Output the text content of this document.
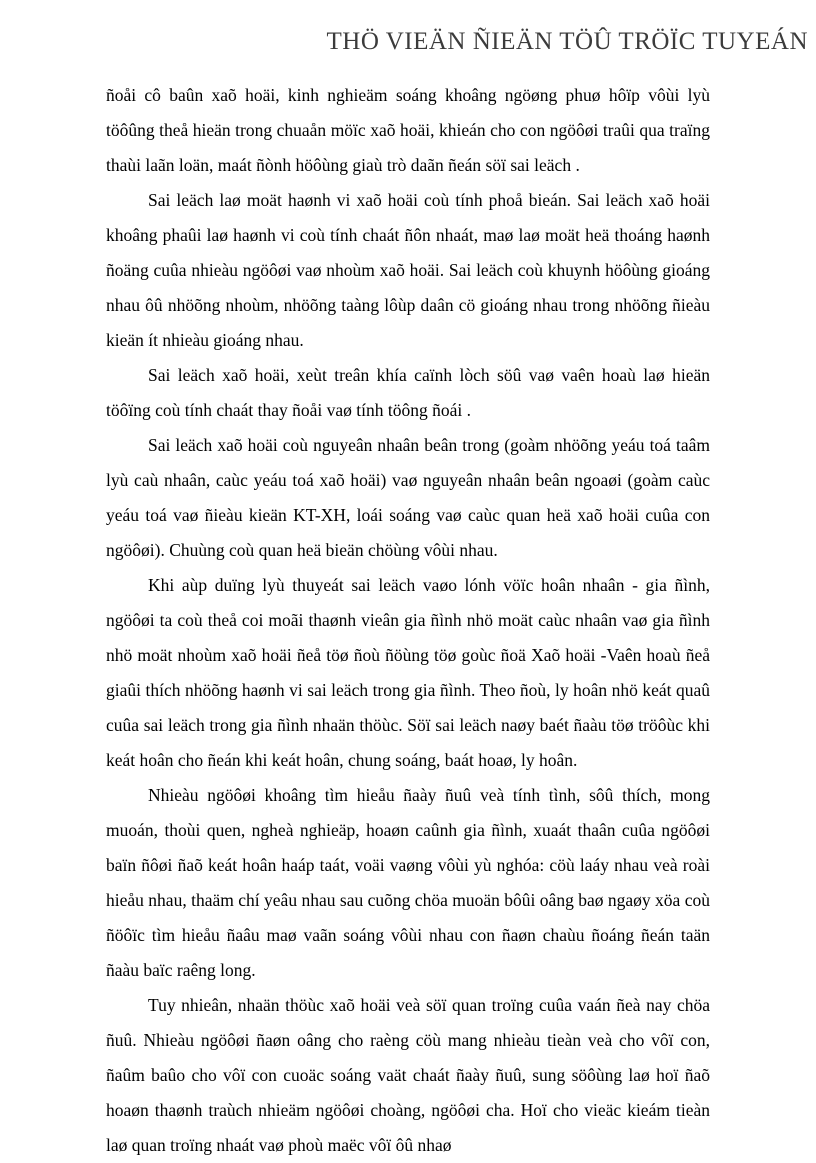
THÖ VIEÄN ÑIEÄN TÖÛ TRÖÏC TUYEÁN

ñoåi cô baûn xaõ hoäi, kinh nghieäm soáng khoâng ngöøng phuø hôïp vôùi lyù töôûng theå hieän trong chuaån möïc xaõ hoäi, khieán cho con ngöôøi traûi qua traïng thaùi laãn loän, maát ñònh höôùng giaù trò daãn ñeán söï sai leäch .

Sai leäch laø moät haønh vi xaõ hoäi coù tính phoå bieán. Sai leäch xaõ hoäi khoâng phaûi laø haønh vi coù tính chaát ñôn nhaát, maø laø moät heä thoáng haønh ñoäng cuûa nhieàu ngöôøi vaø nhoùm xaõ hoäi. Sai leäch coù khuynh höôùng gioáng nhau ôû nhöõng nhoùm, nhöõng taàng lôùp daân cö gioáng nhau trong nhöõng ñieàu kieän ít nhieàu gioáng nhau.

Sai leäch xaõ hoäi, xeùt treân khía caïnh lòch söû vaø vaên hoaù laø hieän töôïng coù tính chaát thay ñoåi vaø tính töông ñoái .

Sai leäch xaõ hoäi coù nguyeân nhaân beân trong (goàm nhöõng yeáu toá taâm lyù caù nhaân, caùc yeáu toá xaõ hoäi) vaø nguyeân nhaân beân ngoaøi (goàm caùc yeáu toá vaø ñieàu kieän KT-XH, loái soáng vaø caùc quan heä xaõ hoäi cuûa con ngöôøi). Chuùng coù quan heä bieän chöùng vôùi nhau.

Khi aùp duïng lyù thuyeát sai leäch vaøo lónh vöïc hoân nhaân - gia ñình, ngöôøi ta coù theå coi moãi thaønh vieân gia ñình nhö moät caùc nhaân vaø gia ñình nhö moät nhoùm xaõ hoäi ñeå töø ñoù ñöùng töø goùc ñoä Xaõ hoäi -Vaên hoaù ñeå giaûi thích nhöõng haønh vi sai leäch trong gia ñình. Theo ñoù, ly hoân nhö keát quaû cuûa sai leäch trong gia ñình nhaän thöùc. Söï sai leäch naøy baét ñaàu töø tröôùc khi keát hoân cho ñeán khi keát hoân, chung soáng, baát hoaø, ly hoân.

Nhieàu ngöôøi khoâng tìm hieåu ñaày ñuû veà tính tình, sôû thích, mong muoán, thoùi quen, ngheà nghieäp, hoaøn caûnh gia ñình, xuaát thaân cuûa ngöôøi baïn ñôøi ñaõ keát hoân haáp taát, voäi vaøng vôùi yù nghóa: cöù laáy nhau veà roài hieåu nhau, thaäm chí yeâu nhau sau cuõng chöa muoän bôûi oâng baø ngaøy xöa coù ñöôïc tìm hieåu ñaâu maø vaãn soáng vôùi nhau con ñaøn chaùu ñoáng ñeán taän ñaàu baïc raêng long.

Tuy nhieân, nhaän thöùc xaõ hoäi veà söï quan troïng cuûa vaán ñeà nay chöa ñuû. Nhieàu ngöôøi ñaøn oâng cho raèng cöù mang nhieàu tieàn veà cho vôï con, ñaûm baûo cho vôï con cuoäc soáng vaät chaát ñaày ñuû, sung söôùng laø hoï ñaõ hoaøn thaønh traùch nhieäm ngöôøi choàng, ngöôøi cha. Hoï cho vieäc kieám tieàn laø quan troïng nhaát vaø phoù maëc vôï ôû nhaø
